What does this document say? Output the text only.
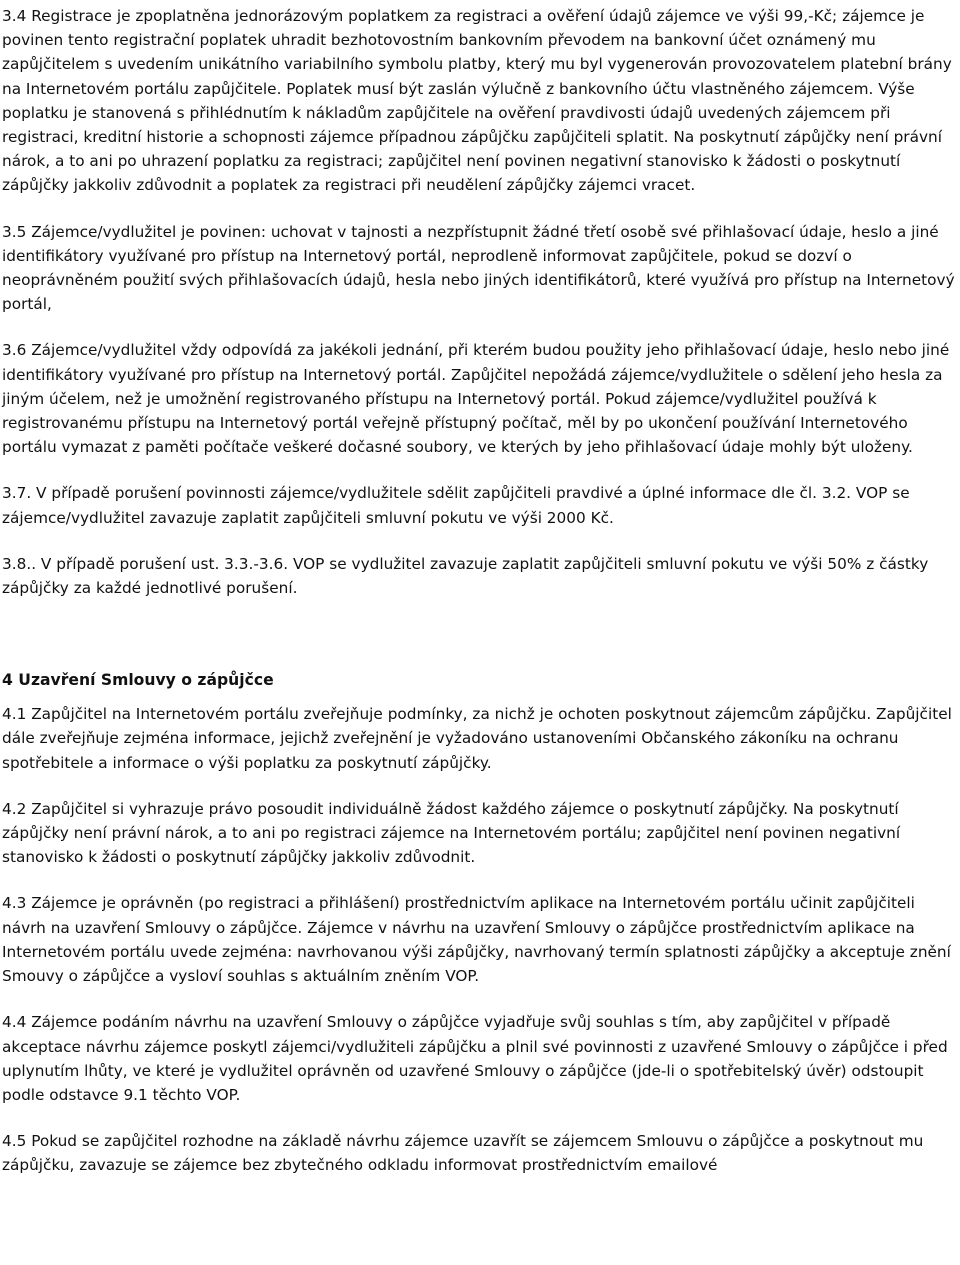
3.4 Registrace je zpoplatněna jednorázovým poplatkem za registraci a ověření údajů zájemce ve výši 99,-Kč; zájemce je povinen tento registrační poplatek uhradit bezhotovostním bankovním převodem na bankovní účet oznámený mu zapůjčitelem s uvedením unikátního variabilního symbolu platby, který mu byl vygenerován provozovatelem platební brány na Internetovém portálu zapůjčitele. Poplatek musí být zaslán výlučně z bankovního účtu vlastněného zájemcem. Výše poplatku je stanovená s přihlédnutím k nákladům zapůjčitele na ověření pravdivosti údajů uvedených zájemcem při registraci, kreditní historie a schopnosti zájemce případnou zápůjčku zapůjčiteli splatit. Na poskytnutí zápůjčky není právní nárok, a to ani po uhrazení poplatku za registraci; zapůjčitel není povinen negativní stanovisko k žádosti o poskytnutí zápůjčky jakkoliv zdůvodnit a poplatek za registraci při neudělení zápůjčky zájemci vracet.

3.5 Zájemce/vydlužitel je povinen: uchovat v tajnosti a nezpřístupnit žádné třetí osobě své přihlašovací údaje, heslo a jiné identifikátory využívané pro přístup na Internetový portál, neprodleně informovat zapůjčitele, pokud se dozví o neoprávněném použití svých přihlašovacích údajů, hesla nebo jiných identifikátorů, které využívá pro přístup na Internetový portál,

3.6 Zájemce/vydlužitel vždy odpovídá za jakékoli jednání, při kterém budou použity jeho přihlašovací údaje, heslo nebo jiné identifikátory využívané pro přístup na Internetový portál. Zapůjčitel nepožádá zájemce/vydlužitele o sdělení jeho hesla za jiným účelem, než je umožnění registrovaného přístupu na Internetový portál. Pokud zájemce/vydlužitel používá k registrovanému přístupu na Internetový portál veřejně přístupný počítač, měl by po ukončení používání Internetového portálu vymazat z paměti počítače veškeré dočasné soubory, ve kterých by jeho přihlašovací údaje mohly být uloženy.

3.7. V případě porušení povinnosti zájemce/vydlužitele sdělit zapůjčiteli pravdivé a úplné informace dle čl. 3.2. VOP se zájemce/vydlužitel zavazuje zaplatit zapůjčiteli smluvní pokutu ve výši 2000 Kč.

3.8.. V případě porušení ust. 3.3.-3.6. VOP se vydlužitel zavazuje zaplatit zapůjčiteli smluvní pokutu ve výši 50% z částky zápůjčky za každé jednotlivé porušení.

4 Uzavření Smlouvy o zápůjčce

4.1 Zapůjčitel na Internetovém portálu zveřejňuje podmínky, za nichž je ochoten poskytnout zájemcům zápůjčku. Zapůjčitel dále zveřejňuje zejména informace, jejichž zveřejnění je vyžadováno ustanoveními Občanského zákoníku na ochranu spotřebitele a informace o výši poplatku za poskytnutí zápůjčky.

4.2 Zapůjčitel si vyhrazuje právo posoudit individuálně žádost každého zájemce o poskytnutí zápůjčky. Na poskytnutí zápůjčky není právní nárok, a to ani po registraci zájemce na Internetovém portálu; zapůjčitel není povinen negativní stanovisko k žádosti o poskytnutí zápůjčky jakkoliv zdůvodnit.

4.3 Zájemce je oprávněn (po registraci a přihlášení) prostřednictvím aplikace na Internetovém portálu učinit zapůjčiteli návrh na uzavření Smlouvy o zápůjčce. Zájemce v návrhu na uzavření Smlouvy o zápůjčce prostřednictvím aplikace na Internetovém portálu uvede zejména: navrhovanou výši zápůjčky, navrhovaný termín splatnosti zápůjčky a akceptuje znění Smouvy o zápůjčce a vysloví souhlas s aktuálním zněním VOP.

4.4 Zájemce podáním návrhu na uzavření Smlouvy o zápůjčce vyjadřuje svůj souhlas s tím, aby zapůjčitel v případě akceptace návrhu zájemce poskytl zájemci/vydlužiteli zápůjčku a plnil své povinnosti z uzavřené Smlouvy o zápůjčce i před uplynutím lhůty, ve které je vydlužitel oprávněn od uzavřené Smlouvy o zápůjčce (jde-li o spotřebitelský úvěr) odstoupit podle odstavce 9.1 těchto VOP.

4.5 Pokud se zapůjčitel rozhodne na základě návrhu zájemce uzavřít se zájemcem Smlouvu o zápůjčce a poskytnout mu zápůjčku, zavazuje se zájemce bez zbytečného odkladu informovat prostřednictvím emailové
